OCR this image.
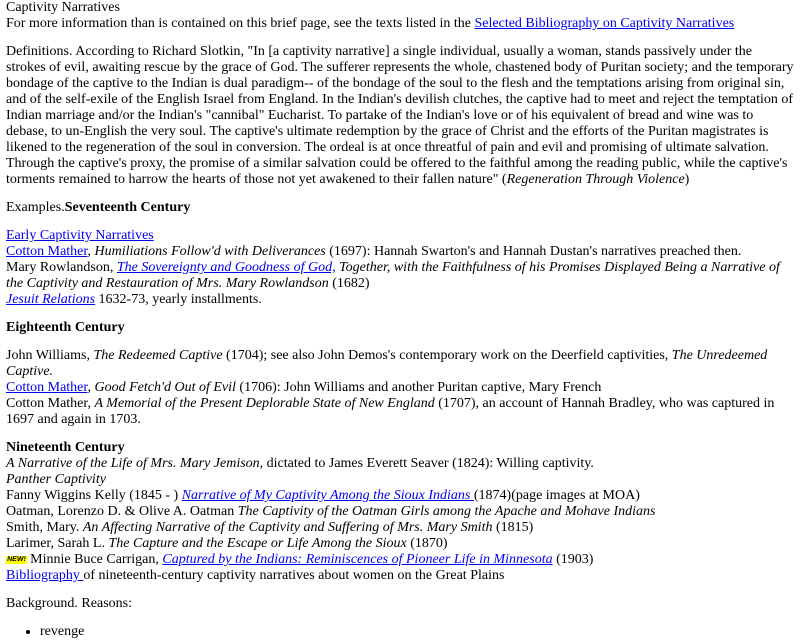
Captivity Narratives

For more information than is contained on this brief page, see the texts listed in the Selected Bibliography on Captivity Narratives

Definitions. According to Richard Slotkin, "In [a captivity narrative] a single individual, usually a woman, stands passively under the strokes of evil, awaiting rescue by the grace of God. The sufferer represents the whole, chastened body of Puritan society; and the temporary bondage of the captive to the Indian is dual paradigm-- of the bondage of the soul to the flesh and the temptations arising from original sin, and of the self-exile of the English Israel from England. In the Indian's devilish clutches, the captive had to meet and reject the temptation of Indian marriage and/or the Indian's "cannibal" Eucharist. To partake of the Indian's love or of his equivalent of bread and wine was to debase, to un-English the very soul. The captive's ultimate redemption by the grace of Christ and the efforts of the Puritan magistrates is likened to the regeneration of the soul in conversion. The ordeal is at once threatful of pain and evil and promising of ultimate salvation. Through the captive's proxy, the promise of a similar salvation could be offered to the faithful among the reading public, while the captive's torments remained to harrow the hearts of those not yet awakened to their fallen nature" (Regeneration Through Violence)

Examples.Seventeenth Century

Early Captivity Narratives
Cotton Mather, Humiliations Follow'd with Deliverances (1697): Hannah Swarton's and Hannah Dustan's narratives preached then.
Mary Rowlandson, The Sovereignty and Goodness of God, Together, with the Faithfulness of his Promises Displayed Being a Narrative of the Captivity and Restauration of Mrs. Mary Rowlandson (1682)
Jesuit Relations 1632-73, yearly installments.

Eighteenth Century

John Williams, The Redeemed Captive (1704); see also John Demos's contemporary work on the Deerfield captivities, The Unredeemed Captive.
Cotton Mather, Good Fetch'd Out of Evil (1706): John Williams and another Puritan captive, Mary French
Cotton Mather, A Memorial of the Present Deplorable State of New England (1707), an account of Hannah Bradley, who was captured in 1697 and again in 1703.

Nineteenth Century
A Narrative of the Life of Mrs. Mary Jemison, dictated to James Everett Seaver (1824): Willing captivity.
Panther Captivity
Fanny Wiggins Kelly (1845 - ) Narrative of My Captivity Among the Sioux Indians (1874)(page images at MOA)
Oatman, Lorenzo D. & Olive A. Oatman The Captivity of the Oatman Girls among the Apache and Mohave Indians
Smith, Mary. An Affecting Narrative of the Captivity and Suffering of Mrs. Mary Smith (1815)
Larimer, Sarah L. The Capture and the Escape or Life Among the Sioux (1870)
NEW! Minnie Buce Carrigan, Captured by the Indians: Reminiscences of Pioneer Life in Minnesota (1903)
Bibliography of nineteenth-century captivity narratives about women on the Great Plains

Background. Reasons:

• revenge
